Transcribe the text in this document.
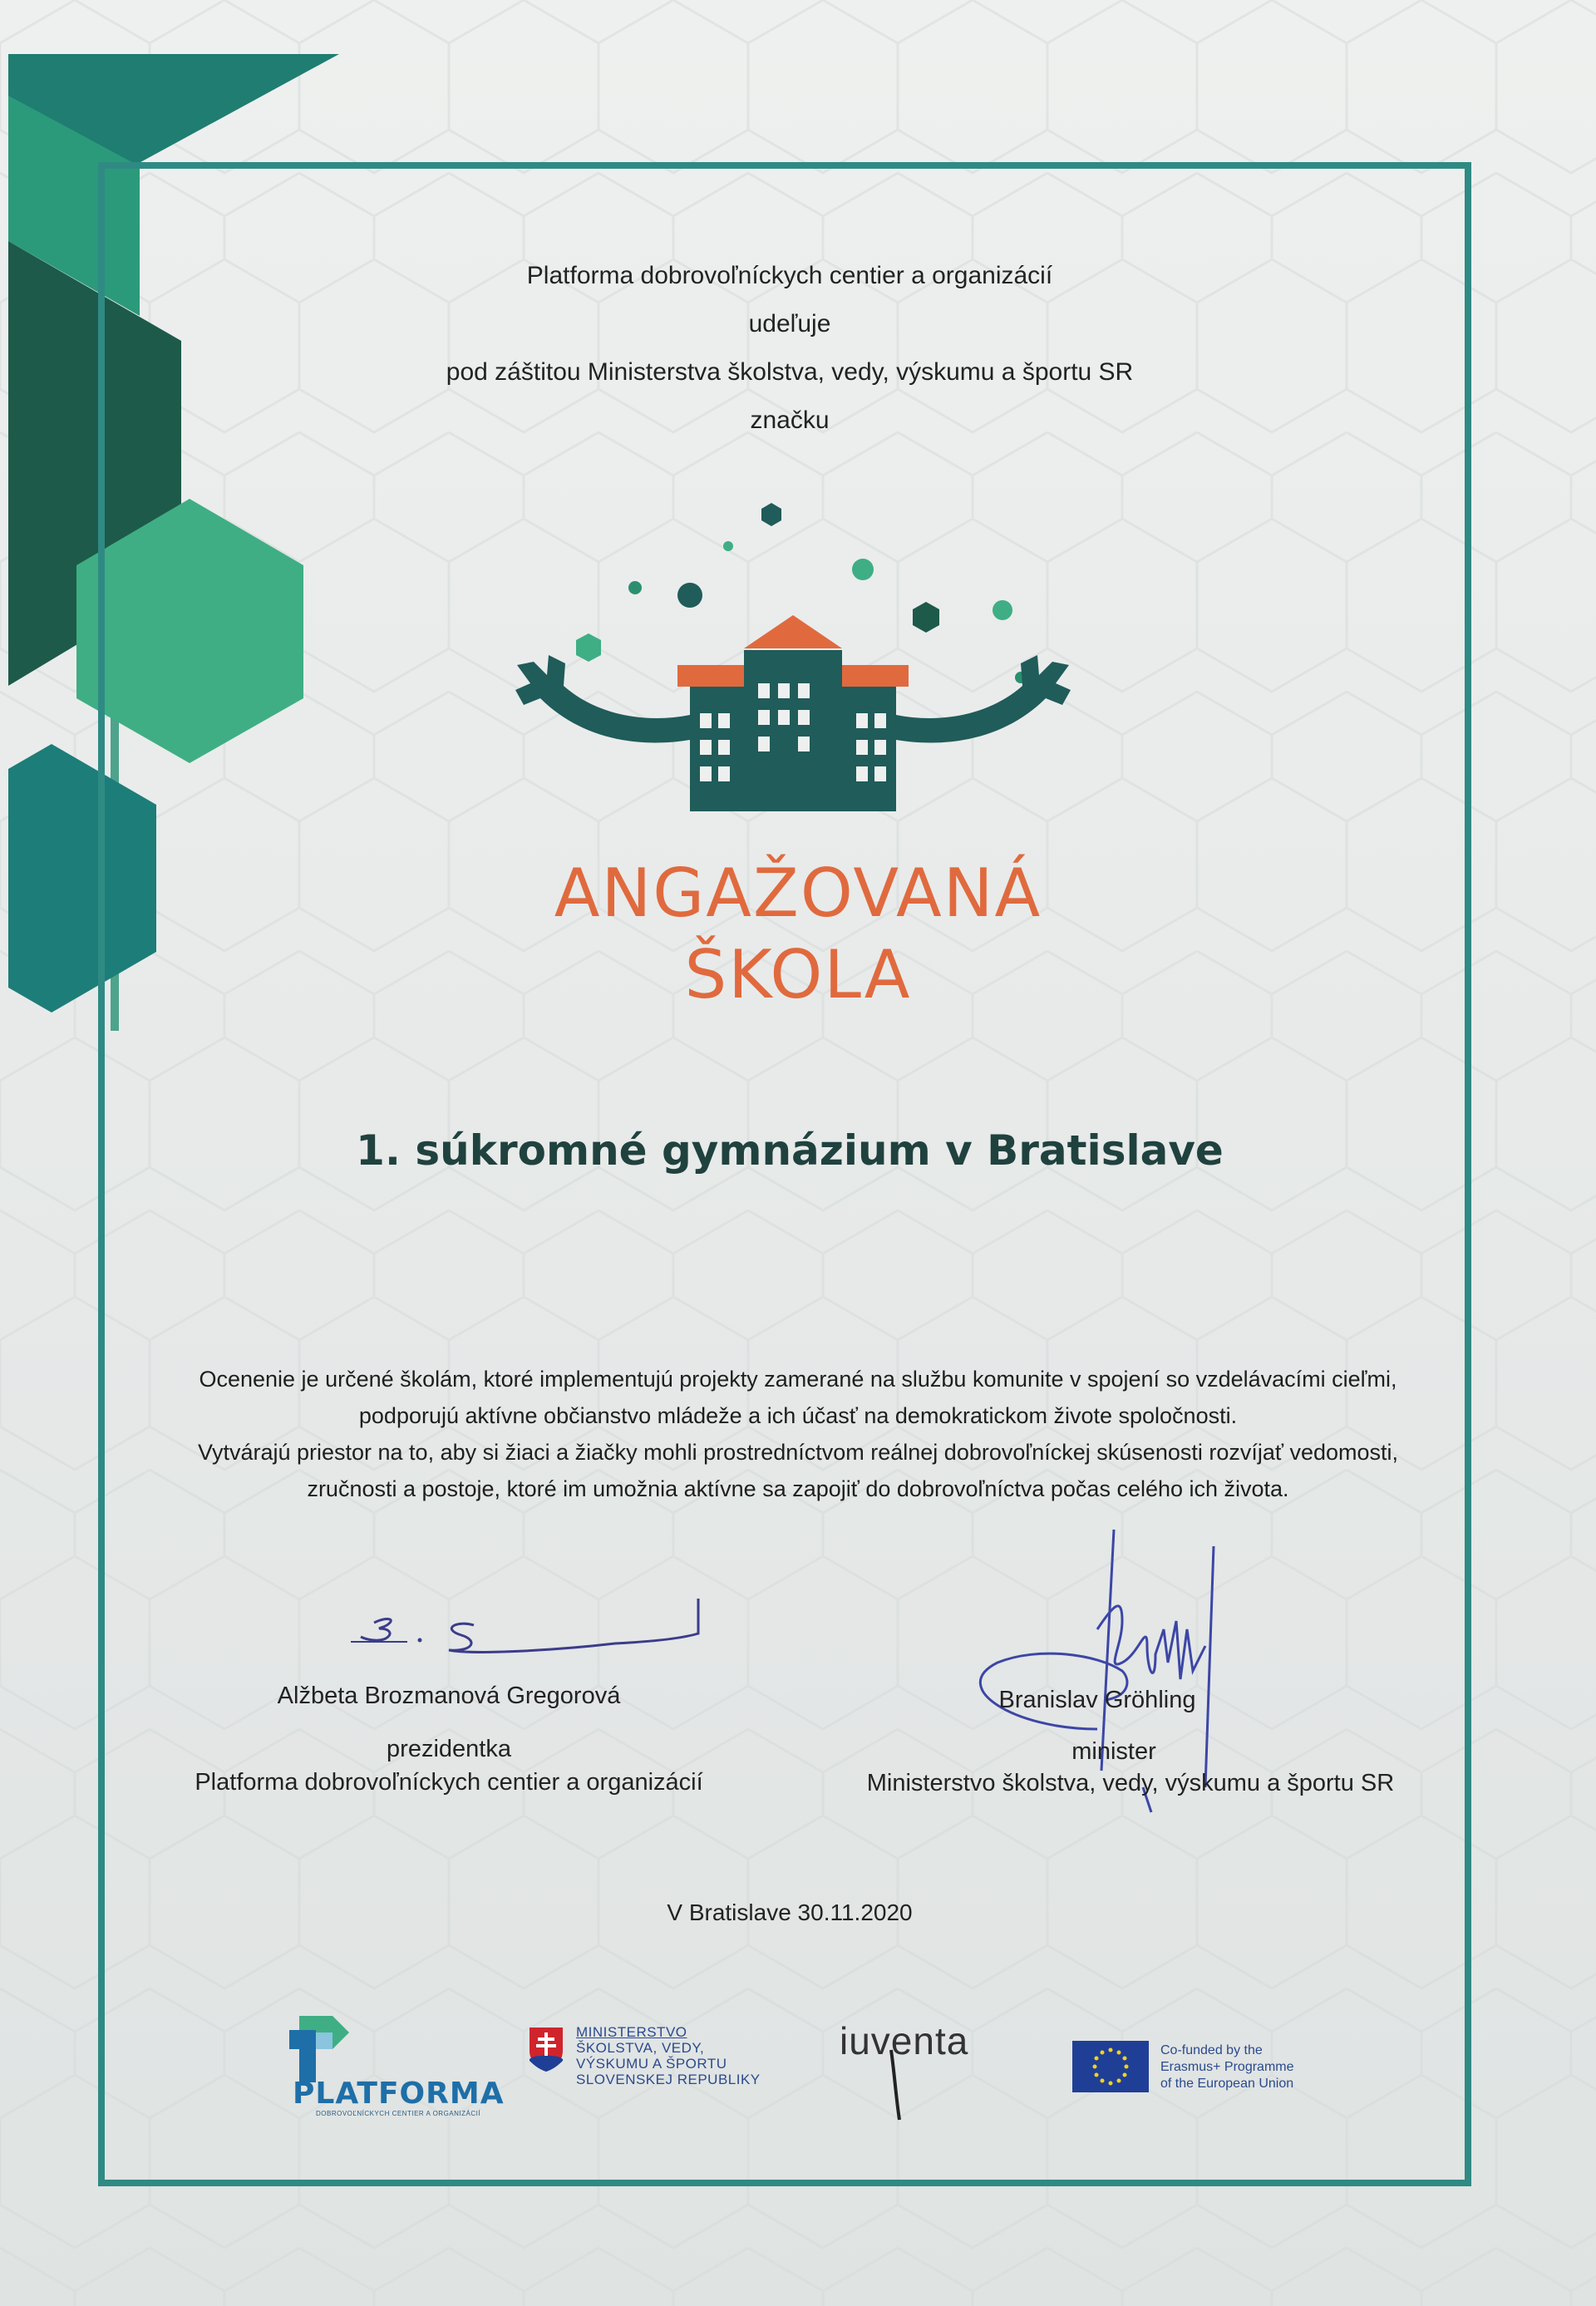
Platforma dobrovoľníckych centier a organizácií
udeľuje
pod záštitou Ministerstva školstva, vedy, výskumu a športu SR
značku
ANGAŽOVANÁ
ŠKOLA
1. súkromné gymnázium v Bratislave
Ocenenie je určené školám, ktoré implementujú projekty zamerané na službu komunite v spojení so vzdelávacími cieľmi,
podporujú aktívne občianstvo mládeže a ich účasť na demokratickom živote spoločnosti.
Vytvárajú priestor na to, aby si žiaci a žiačky mohli prostredníctvom reálnej dobrovoľníckej skúsenosti rozvíjať vedomosti,
zručnosti a postoje, ktoré im umožnia aktívne sa zapojiť do dobrovoľníctva počas celého ich života.
Alžbeta Brozmanová Gregorová
prezidentka
Platforma dobrovoľníckych centier a organizácií
Branislav Gröhling
minister
Ministerstvo školstva, vedy, výskumu a športu SR
V Bratislave 30.11.2020
PLATFORMA
DOBROVOĽNÍCKYCH CENTIER A ORGANIZÁCIÍ
MINISTERSTVO
ŠKOLSTVA, VEDY,
VÝSKUMU A ŠPORTU
SLOVENSKEJ REPUBLIKY
iuventa	Co-funded by the
Erasmus+ Programme
of the European Union
